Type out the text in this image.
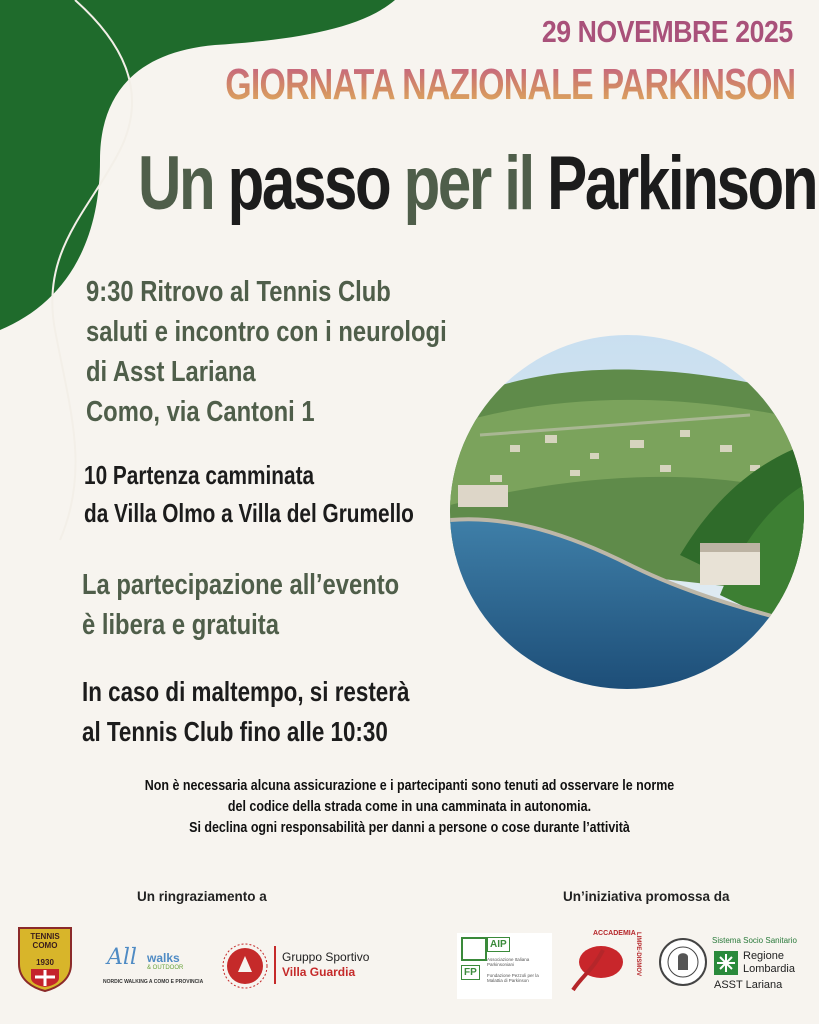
29 NOVEMBRE 2025
GIORNATA NAZIONALE PARKINSON
Un passo per il Parkinson
9:30 Ritrovo al Tennis Club
saluti e incontro con i neurologi
di Asst Lariana
Como, via Cantoni 1
10 Partenza camminata
da Villa Olmo a Villa del Grumello
La partecipazione all’evento
è libera e gratuita
In caso di maltempo, si resterà
al Tennis Club fino alle 10:30
Non è necessaria alcuna assicurazione e i partecipanti sono tenuti ad osservare le norme
del codice della strada come in una camminata in autonomia.
Si declina ogni responsabilità per danni a persone o cose durante l’attività
Un ringraziamento a	Un’iniziativa promossa da
TENNIS
COMO
1930	All walks
& OUTDOOR
NORDIC WALKING A COMO E PROVINCIA
Gruppo Sportivo
Villa Guardia
AIP
FP
Associazione Italiana Parkinsoniani
Fondazione Pezzoli per la Malattia di Parkinson
ACCADEMIA LIMPE-DISMOV	Sistema Socio Sanitario
Regione
Lombardia
ASST Lariana
